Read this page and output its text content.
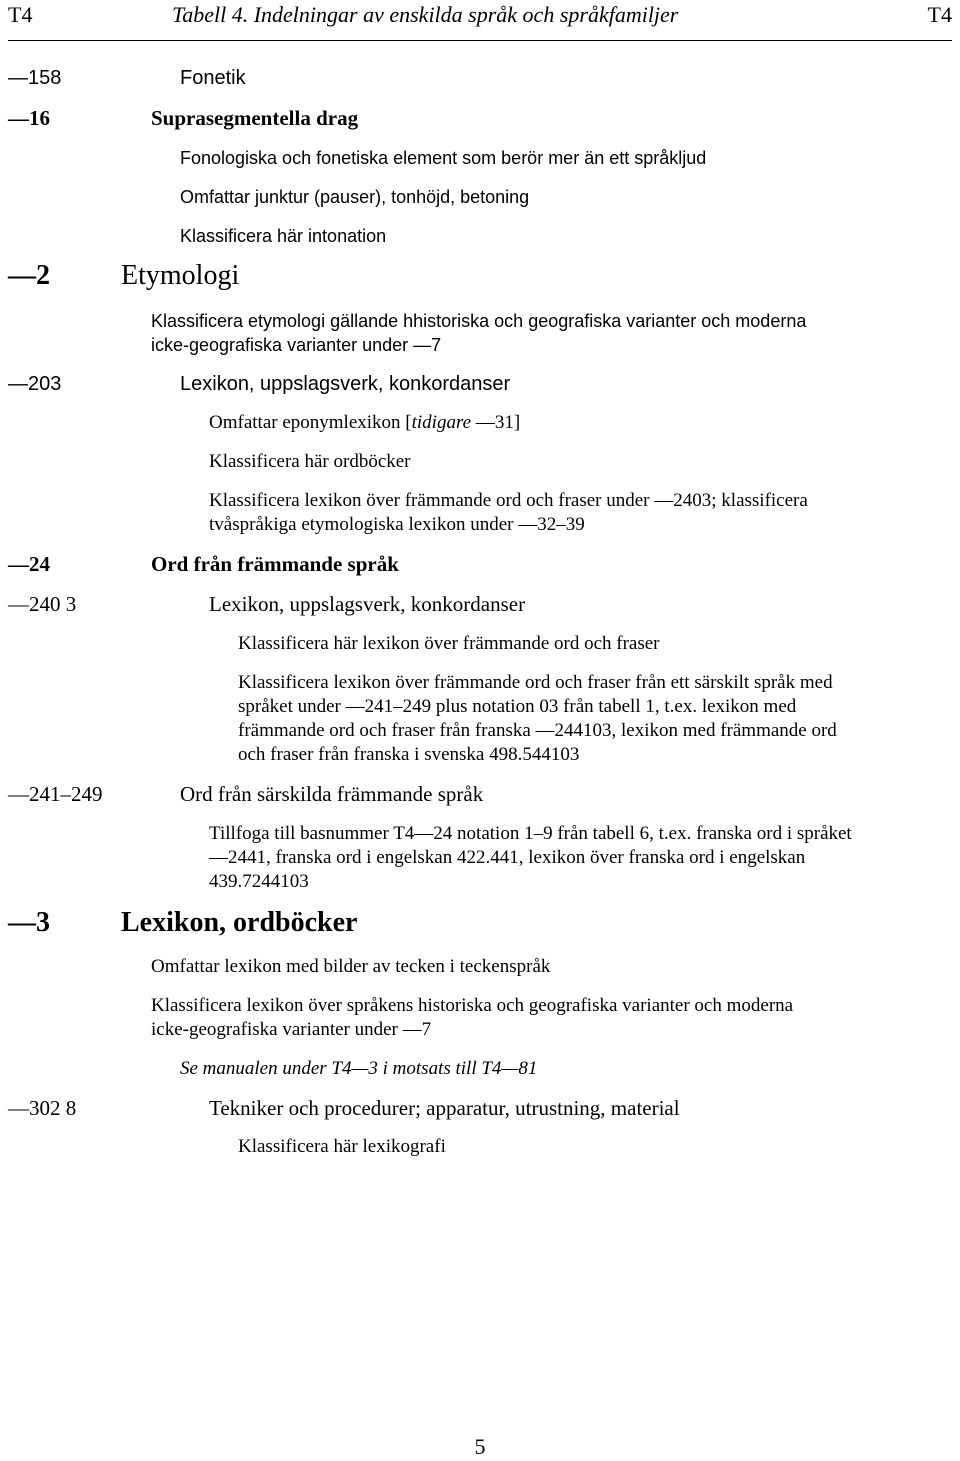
T4	Tabell 4. Indelningar av enskilda språk och språkfamiljer	T4
—158	Fonetik
—16	Suprasegmentella drag
Fonologiska och fonetiska element som berör mer än ett språkljud
Omfattar junktur (pauser), tonhöjd, betoning
Klassificera här intonation
—2	Etymologi
Klassificera etymologi gällande hhistoriska och geografiska varianter och moderna
icke-geografiska varianter under —7
—203	Lexikon, uppslagsverk, konkordanser
Omfattar eponymlexikon [tidigare —31]
Klassificera här ordböcker
Klassificera lexikon över främmande ord och fraser under —2403; klassificera
tvåspråkiga etymologiska lexikon under —32–39
—24	Ord från främmande språk
—240 3	Lexikon, uppslagsverk, konkordanser
Klassificera här lexikon över främmande ord och fraser
Klassificera lexikon över främmande ord och fraser från ett särskilt språk med
språket under —241–249 plus notation 03 från tabell 1, t.ex. lexikon med
främmande ord och fraser från franska —244103, lexikon med främmande ord
och fraser från franska i svenska 498.544103
—241–249	Ord från särskilda främmande språk
Tillfoga till basnummer T4—24 notation 1–9 från tabell 6, t.ex. franska ord i språket
—2441, franska ord i engelskan 422.441, lexikon över franska ord i engelskan
439.7244103
—3	Lexikon, ordböcker
Omfattar lexikon med bilder av tecken i teckenspråk
Klassificera lexikon över språkens historiska och geografiska varianter och moderna
icke-geografiska varianter under —7
Se manualen under T4—3 i motsats till T4—81
—302 8	Tekniker och procedurer; apparatur, utrustning, material
Klassificera här lexikografi
5
